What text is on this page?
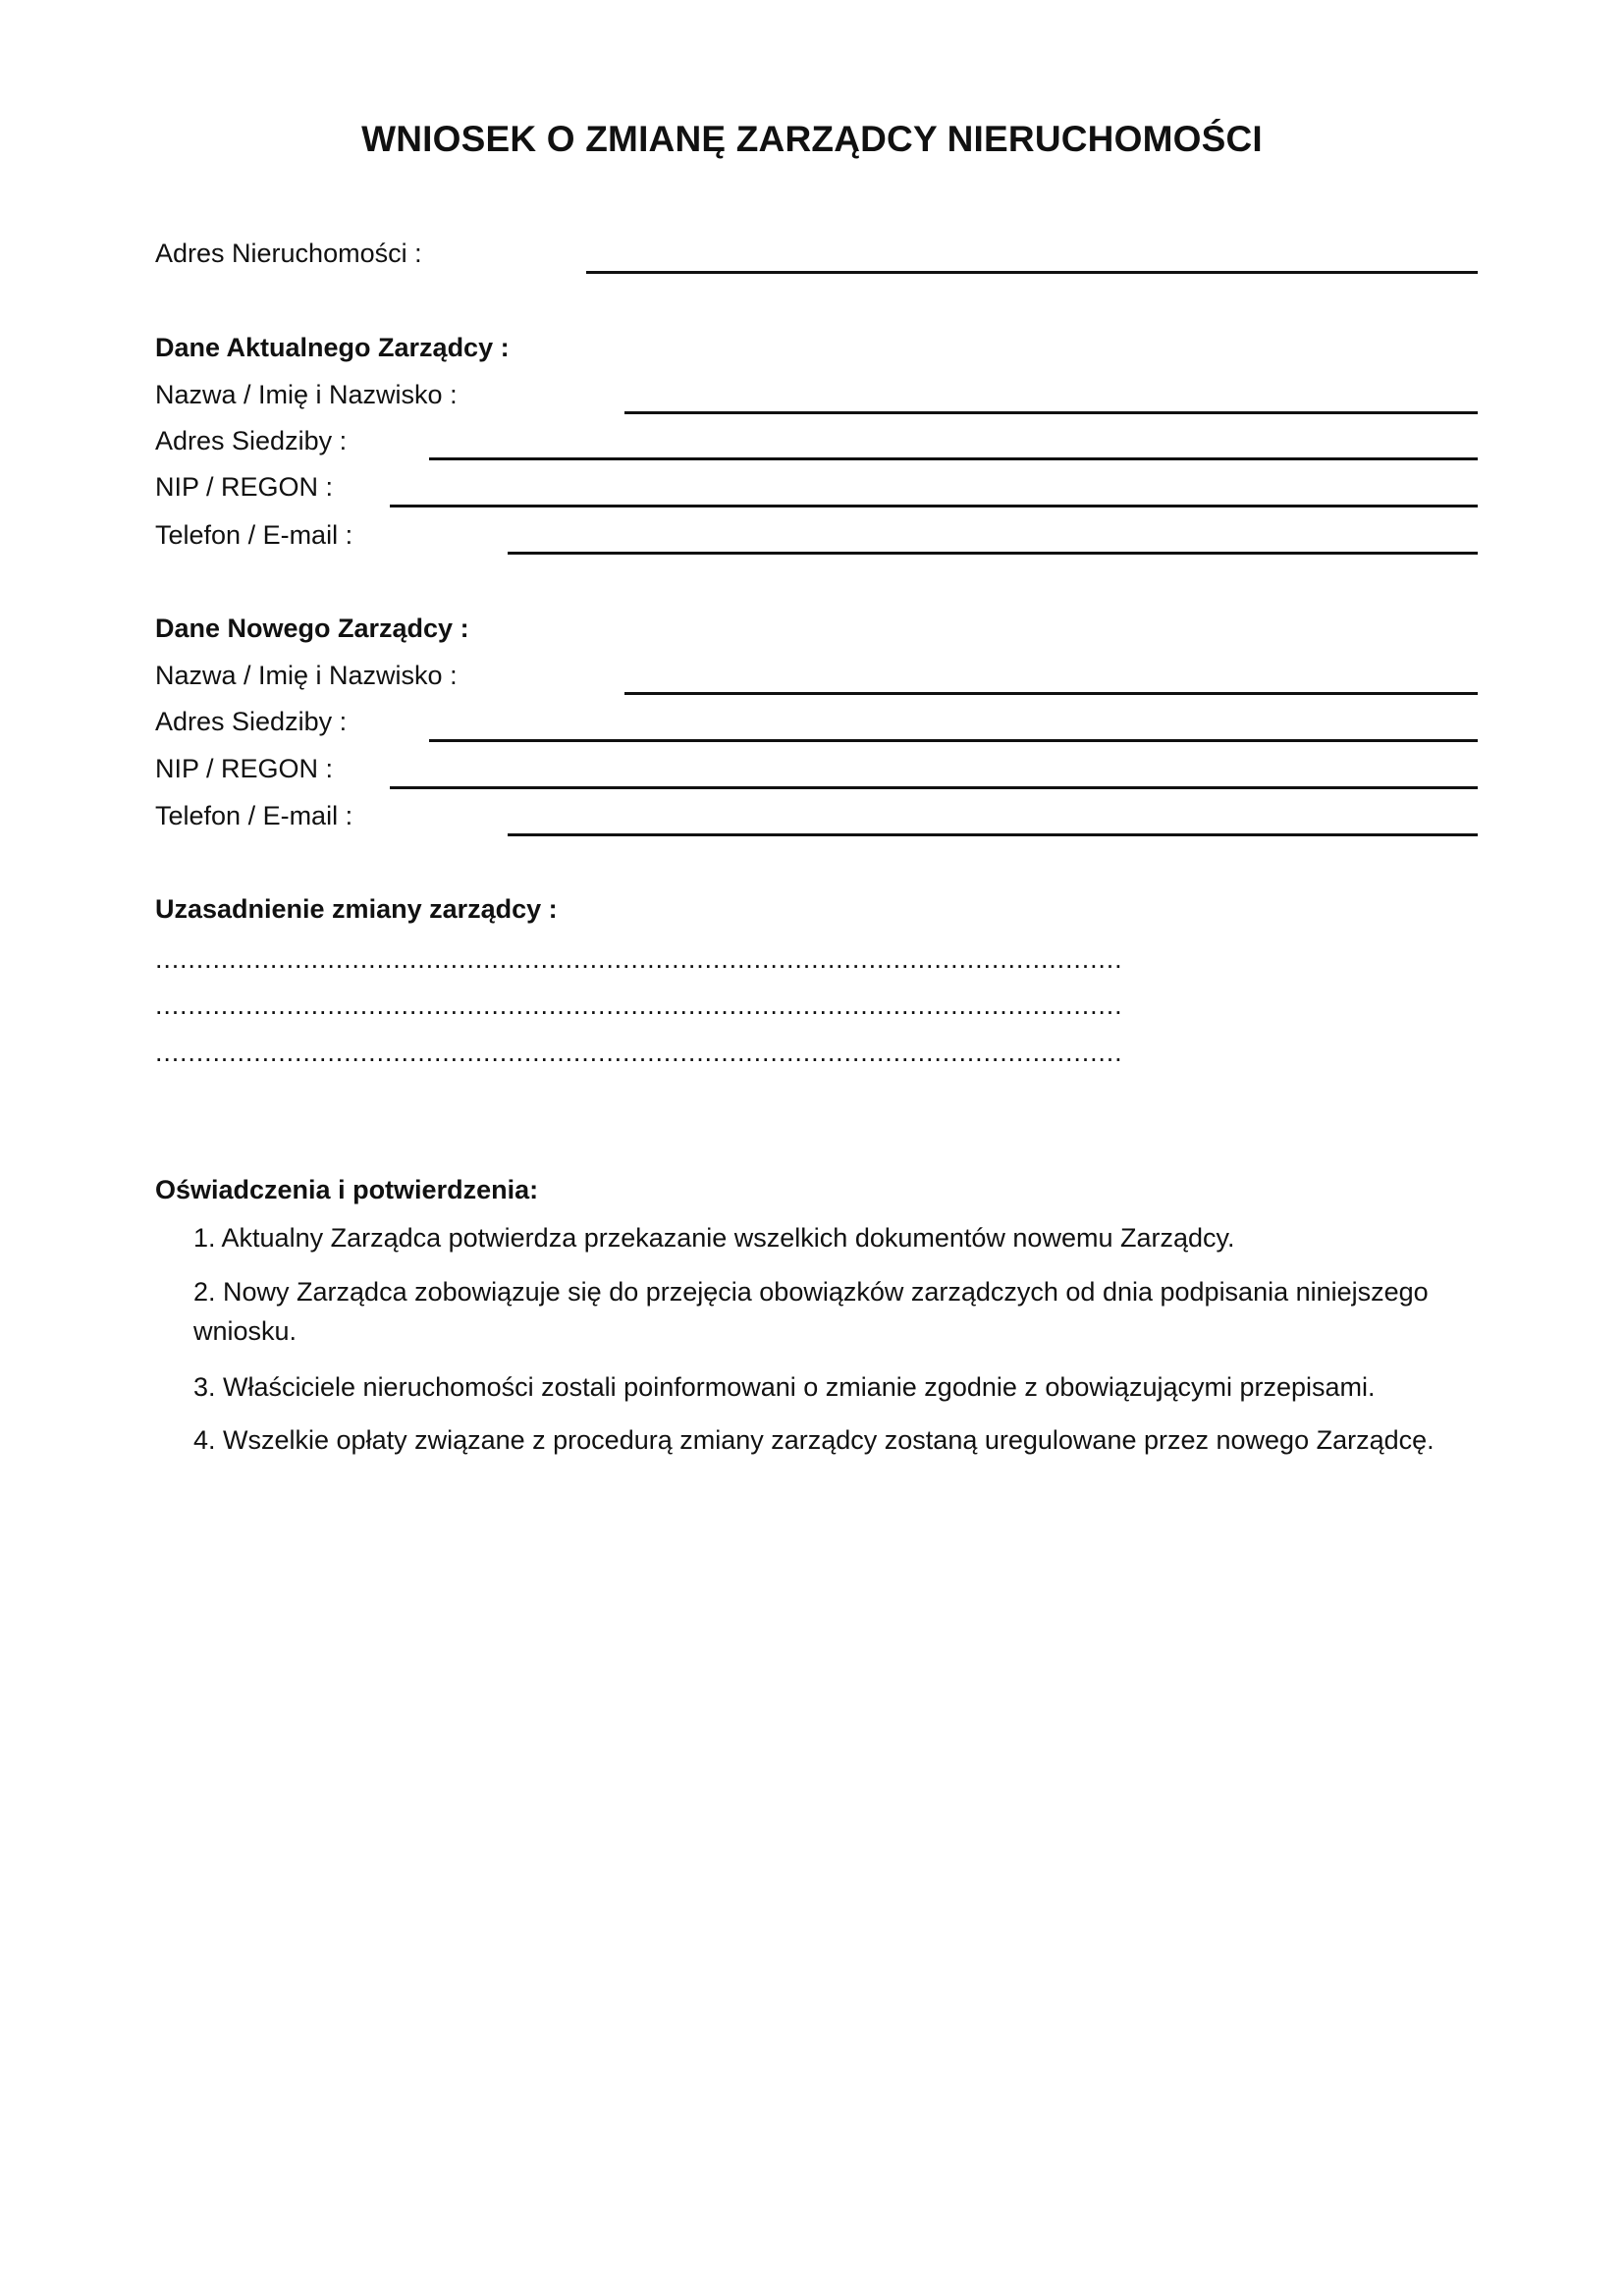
WNIOSEK O ZMIANĘ ZARZĄDCY NIERUCHOMOŚCI

Adres Nieruchomości :

Dane Aktualnego Zarządcy :

Nazwa / Imię i Nazwisko :

Adres Siedziby :

NIP / REGON :

Telefon / E-mail :

Dane Nowego Zarządcy :

Nazwa / Imię i Nazwisko :

Adres Siedziby :

NIP / REGON :

Telefon / E-mail :

Uzasadnienie zmiany zarządcy :

......................................................................................................................
......................................................................................................................
......................................................................................................................

Oświadczenia i potwierdzenia:

1. Aktualny Zarządca potwierdza przekazanie wszelkich dokumentów nowemu Zarządcy.

2. Nowy Zarządca zobowiązuje się do przejęcia obowiązków zarządczych od dnia podpisania niniejszego wniosku.

3. Właściciele nieruchomości zostali poinformowani o zmianie zgodnie z obowiązującymi przepisami.

4. Wszelkie opłaty związane z procedurą zmiany zarządcy zostaną uregulowane przez nowego Zarządcę.
